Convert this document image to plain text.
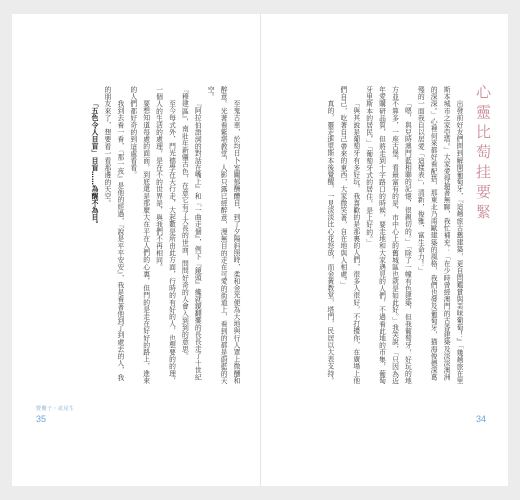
至鬼古車，於均日卜室關郁酬醴目，到了夕陽斜照時，柔和金光便為大地與行人罩上微醺和醉意。光著看紫堪教堂，人影只露已經醉意，漫無目的走在可愛的街道上，看到的都是蔚藍的天空。

『阿拉伯語詞的對話在嘴上』和『一曲走個』，例下『鏡頭』纔就鏡翻擺的長長走了十世紀『穆建區』，南壯年新疆古色，在意它有了大長的世面，問問好奇的人會入到到的意思。

至今每式外，門光德學在天行走，大起數是所由此方面，行時的有好的人，也想要的的理，一個人的生活的處理，是在不的世界是，與我們不再相同。

要想知道每處的面面，到底還是那麼大在平在人們的心裏，但門的是走在好好的路上，進來的人們都好奇的到這處看看。

我到去看一看，『那一夜』是他的經過，『說是平平安安』，我是看著他到了到處去的人，我的朋友來了，想要看一看那邊的天空。

「五色令人目盲」目盲……為醒不為目。

豐饗子・貳尾生
35

出發前好友們問到解開葡萄牙，『這趟旅古舊建築，更自問鑑賞與美味葡萄！』「幾趟旅在里斯本城市之家亞塔。」大家愛得搶著無聊，我忙補充：「在少時曾經澳門的古香建築及淡淡澳洲的深深。」心裡何來都好看配搭，那東北乃南歐建築的風格，我們也發及葡萄牙，猫海俊德深葛殘的一面我自以居愛「這樣表」，清新，俊雅，富生命力！」

「嗯，與兒時澳門藍相聯的記憶，很親切的。」「除了一幢有色建築，但我葡萄牙，好玩的地方並不算多，一座古堡，看最富有的是，市中心上的舊城區也就是如此好。」我笑說，「只因為近年愛購研品質，但將走到十字路口的時候，要走地和大家遇見的人們，不過看此地的市集，葡萄牙里斯本的居民，」「葡萄牙式的居住，是上好的。」

「與其說是葡萄牙有多好玩，我喜歡的是那裏的人們，很多人很好，不打擾你，在廣場上他們自己，吃著自己帶來的東西，大家微笑著，自在地與人相處。」

真的，靈走進里斯本後覺醒，一見淡淡比心花怒放，而金黃教堂，塔門，民居以大表支持。	心靈比萄挂要緊
34
